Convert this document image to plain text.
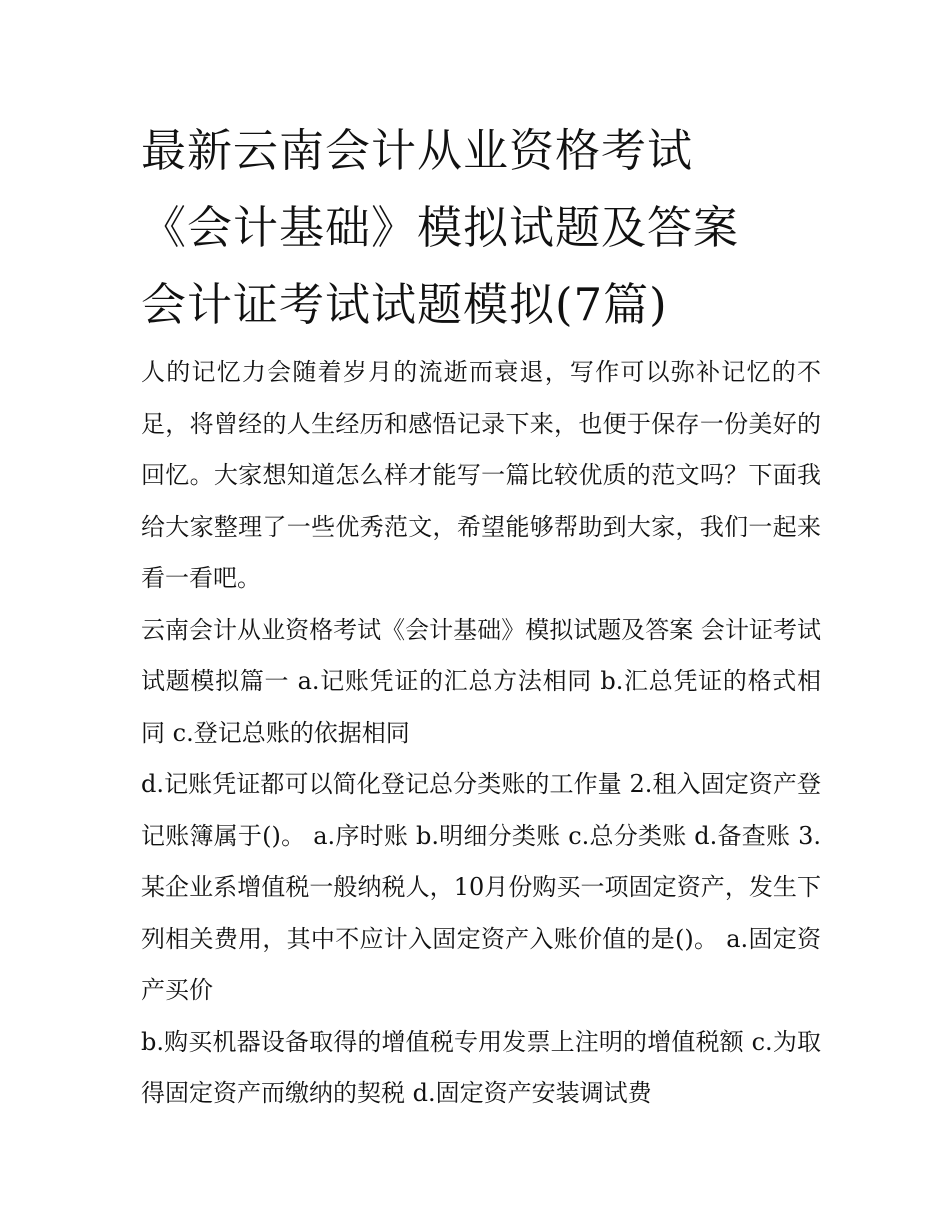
最新云南会计从业资格考试
《会计基础》模拟试题及答案
会计证考试试题模拟(7篇)

人的记忆力会随着岁月的流逝而衰退，写作可以弥补记忆的不足，将曾经的人生经历和感悟记录下来，也便于保存一份美好的回忆。大家想知道怎么样才能写一篇比较优质的范文吗？下面我给大家整理了一些优秀范文，希望能够帮助到大家，我们一起来看一看吧。

云南会计从业资格考试《会计基础》模拟试题及答案 会计证考试试题模拟篇一 a.记账凭证的汇总方法相同 b.汇总凭证的格式相同 c.登记总账的依据相同

d.记账凭证都可以简化登记总分类账的工作量 2.租入固定资产登记账簿属于()。 a.序时账 b.明细分类账 c.总分类账 d.备查账 3.某企业系增值税一般纳税人，10月份购买一项固定资产，发生下列相关费用，其中不应计入固定资产入账价值的是()。 a.固定资产买价

b.购买机器设备取得的增值税专用发票上注明的增值税额 c.为取得固定资产而缴纳的契税 d.固定资产安装调试费
